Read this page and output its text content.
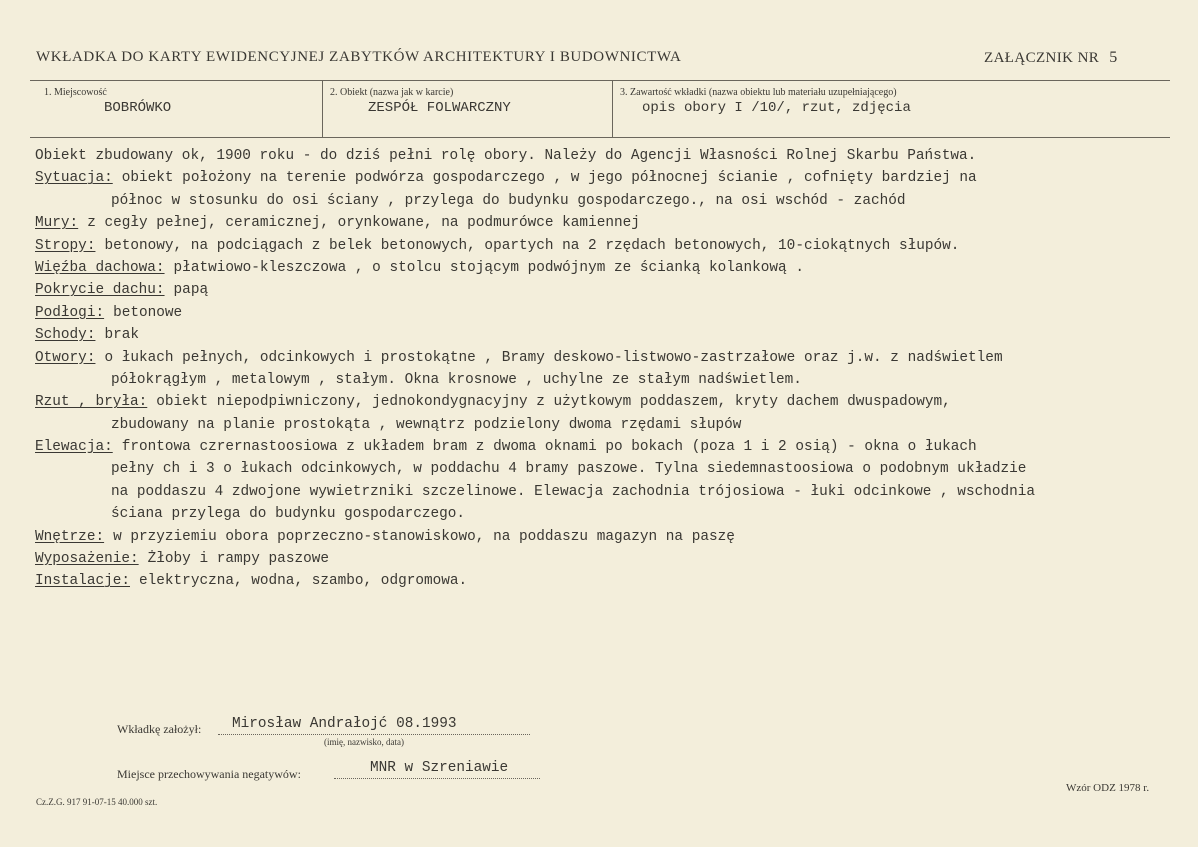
WKŁADKA DO KARTY EWIDENCYJNEJ ZABYTKÓW ARCHITEKTURY I BUDOWNICTWA	ZAŁĄCZNIK NR 5
1. Miejscowość
BOBRÓWKO
2. Obiekt (nazwa jak w karcie)
ZESPÓŁ FOLWARCZNY
3. Zawartość wkładki (nazwa obiektu lub materiału uzupełniającego)
opis obory I /10/, rzut, zdjęcia
Obiekt zbudowany ok, 1900 roku - do dziś pełni rolę obory. Należy do Agencji Własności Rolnej Skarbu Państwa.
Sytuacja: obiekt położony na terenie podwórza gospodarczego , w jego północnej ścianie , cofnięty bardziej na
północ w stosunku do osi ściany , przylega do budynku gospodarczego., na osi wschód - zachód
Mury: z cegły pełnej, ceramicznej, orynkowane, na podmurówce kamiennej
Stropy: betonowy, na podciągach z belek betonowych, opartych na 2 rzędach betonowych, 10-ciokątnych słupów.
Więźba dachowa: płatwiowo-kleszczowa , o stolcu stojącym podwójnym ze ścianką kolankową .
Pokrycie dachu: papą
Podłogi: betonowe
Schody: brak
Otwory: o łukach pełnych, odcinkowych i prostokątne , Bramy deskowo-listwowo-zastrzałowe oraz j.w. z nadświetlem
półokrągłym , metalowym , stałym. Okna krosnowe , uchylne ze stałym nadświetlem.
Rzut , bryła: obiekt niepodpiwniczony, jednokondygnacyjny z użytkowym poddaszem, kryty dachem dwuspadowym,
zbudowany na planie prostokąta , wewnątrz podzielony dwoma rzędami słupów
Elewacja: frontowa czrernastoosiowa z układem bram z dwoma oknami po bokach (poza 1 i 2 osią) - okna o łukach
pełny ch i 3 o łukach odcinkowych, w poddachu 4 bramy paszowe. Tylna siedemnastoosiowa o podobnym układzie
na poddaszu 4 zdwojone wywietrzniki szczelinowe. Elewacja zachodnia trójosiowa - łuki odcinkowe , wschodnia
ściana przylega do budynku gospodarczego.
Wnętrze: w przyziemiu obora poprzeczno-stanowiskowo, na poddaszu magazyn na paszę
Wyposażenie: Żłoby i rampy paszowe
Instalacje: elektryczna, wodna, szambo, odgromowa.
Wkładkę założył: Mirosław Andrałojć 08.1993
(imię, nazwisko, data)
Miejsce przechowywania negatywów:	MNR w Szreniawie
Cz.Z.G. 917 91-07-15 40.000 szt.
Wzór ODZ 1978 r.
